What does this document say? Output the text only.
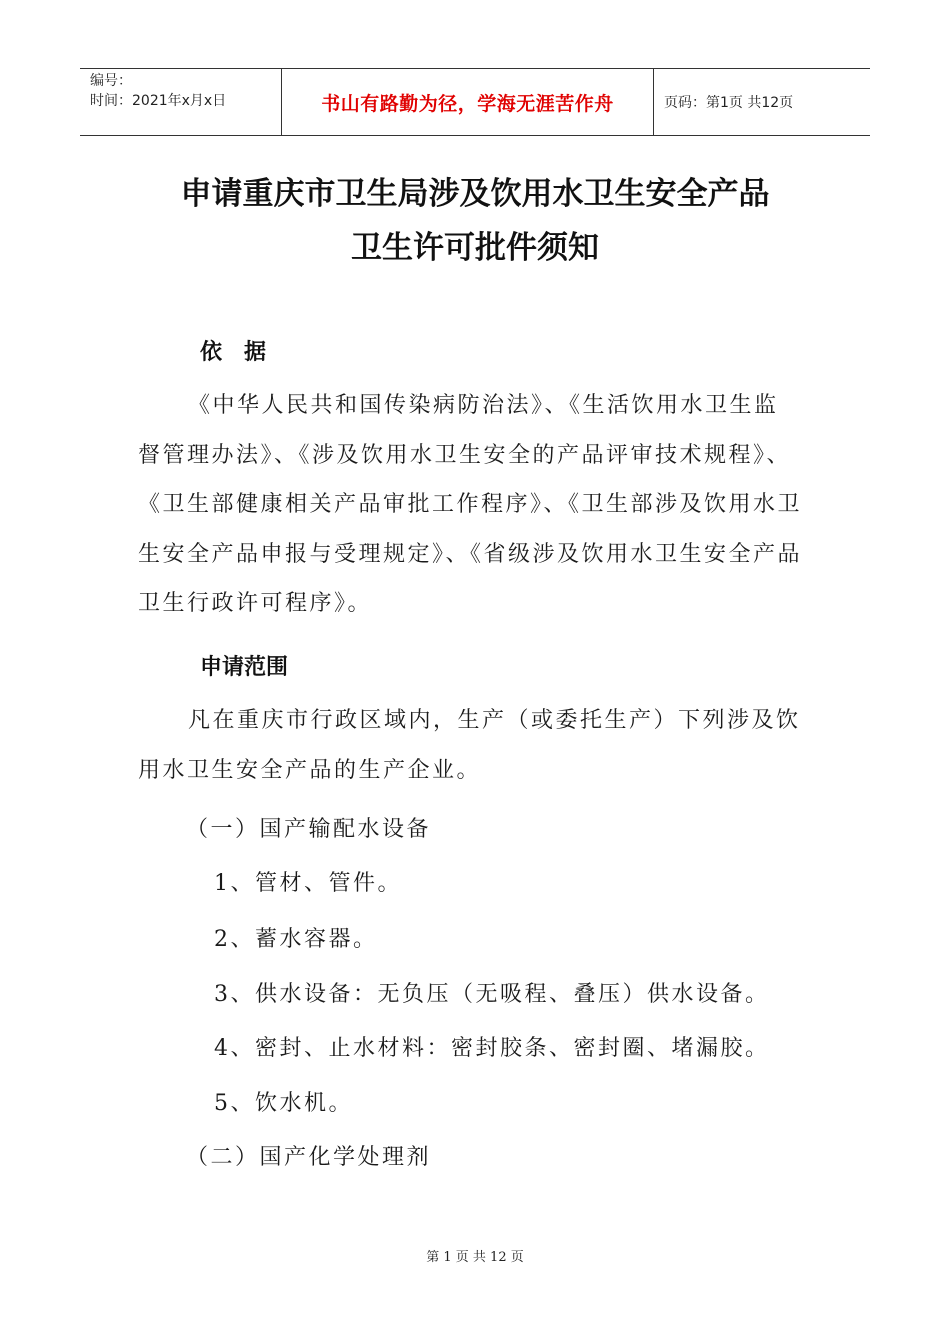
编号：
时间：2021年x月x日	书山有路勤为径，学海无涯苦作舟	页码：第1页 共12页
申请重庆市卫生局涉及饮用水卫生安全产品
卫生许可批件须知
依　据

《中华人民共和国传染病防治法》、《生活饮用水卫生监督管理办法》、《涉及饮用水卫生安全的产品评审技术规程》、《卫生部健康相关产品审批工作程序》、《卫生部涉及饮用水卫生安全产品申报与受理规定》、《省级涉及饮用水卫生安全产品卫生行政许可程序》。

申请范围

凡在重庆市行政区域内，生产（或委托生产）下列涉及饮用水卫生安全产品的生产企业。

（一）国产输配水设备

1、管材、管件。

2、蓄水容器。

3、供水设备：无负压（无吸程、叠压）供水设备。

4、密封、止水材料：密封胶条、密封圈、堵漏胶。

5、饮水机。

（二）国产化学处理剂

第 1 页 共 12 页
